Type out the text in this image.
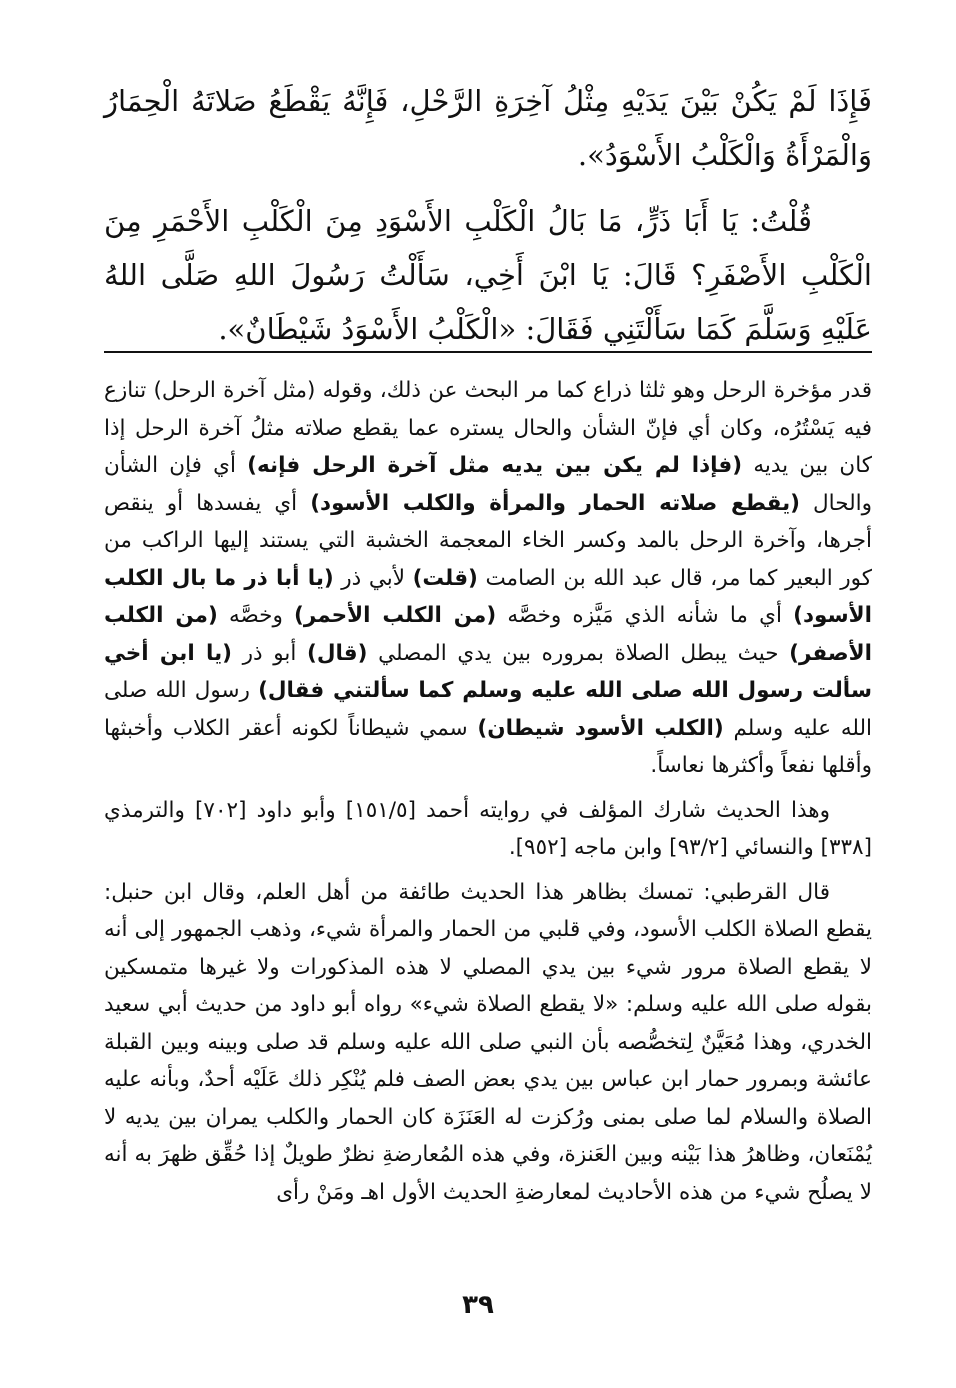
فَإِذَا لَمْ يَكُنْ بَيْنَ يَدَيْهِ مِثْلُ آخِرَةِ الرَّحْلِ، فَإِنَّهُ يَقْطَعُ صَلاتَهُ الْحِمَارُ وَالْمَرْأَةُ وَالْكَلْبُ الأَسْوَدُ».

قُلْتُ: يَا أَبَا ذَرٍّ، مَا بَالُ الْكَلْبِ الأَسْوَدِ مِنَ الْكَلْبِ الأَحْمَرِ مِنَ الْكَلْبِ الأَصْفَرِ؟ قَالَ: يَا ابْنَ أَخِي، سَأَلْتُ رَسُولَ اللهِ صَلَّى اللهُ عَلَيْهِ وَسَلَّمَ كَمَا سَأَلْتَنِي فَقَالَ: «الْكَلْبُ الأَسْوَدُ شَيْطَانٌ».

قدر مؤخرة الرحل وهو ثلثا ذراع كما مر البحث عن ذلك، وقوله (مثل آخرة الرحل) تنازع فيه يَسْتُرُه، وكان أي فإنّ الشأن والحال يستره عما يقطع صلاته مثلُ آخرة الرحل إذا كان بين يديه (فإذا لم يكن بين يديه مثل آخرة الرحل فإنه) أي فإن الشأن والحال (يقطع صلاته الحمار والمرأة والكلب الأسود) أي يفسدها أو ينقص أجرها، وآخرة الرحل بالمد وكسر الخاء المعجمة الخشبة التي يستند إليها الراكب من كور البعير كما مر، قال عبد الله بن الصامت (قلت) لأبي ذر (يا أبا ذر ما بال الكلب الأسود) أي ما شأنه الذي مَيَّزه وخصَّه (من الكلب الأحمر) وخصَّه (من الكلب الأصفر) حيث يبطل الصلاة بمروره بين يدي المصلي (قال) أبو ذر (يا ابن أخي سألت رسول الله صلى الله عليه وسلم كما سألتني فقال) رسول الله صلى الله عليه وسلم (الكلب الأسود شيطان) سمي شيطاناً لكونه أعقر الكلاب وأخبثها وأقلها نفعاً وأكثرها نعاساً.

وهذا الحديث شارك المؤلف في روايته أحمد [١٥١/٥] وأبو داود [٧٠٢] والترمذي [٣٣٨] والنسائي [٩٣/٢] وابن ماجه [٩٥٢].

قال القرطبي: تمسك بظاهر هذا الحديث طائفة من أهل العلم، وقال ابن حنبل: يقطع الصلاة الكلب الأسود، وفي قلبي من الحمار والمرأة شيء، وذهب الجمهور إلى أنه لا يقطع الصلاة مرور شيء بين يدي المصلي لا هذه المذكورات ولا غيرها متمسكين بقوله صلى الله عليه وسلم: «لا يقطع الصلاة شيء» رواه أبو داود من حديث أبي سعيد الخدري، وهذا مُعَيَّنٌ لِتخصُّصه بأن النبي صلى الله عليه وسلم قد صلى وبينه وبين القبلة عائشة وبمرور حمار ابن عباس بين يدي بعض الصف فلم يُنْكِر ذلك عَلَيْه أحدٌ، وبأنه عليه الصلاة والسلام لما صلى بمنى ورُكزت له العَنَزَة كان الحمار والكلب يمران بين يديه لا يُمْنَعان، وظاهرُ هذا بَيْنه وبين العَنزة، وفي هذه المُعارضةِ نظرٌ طويلٌ إذا حُقِّق ظهرَ به أنه لا يصلُح شيء من هذه الأحاديث لمعارضةِ الحديث الأول اهـ ومَنْ رأى

٣٩
